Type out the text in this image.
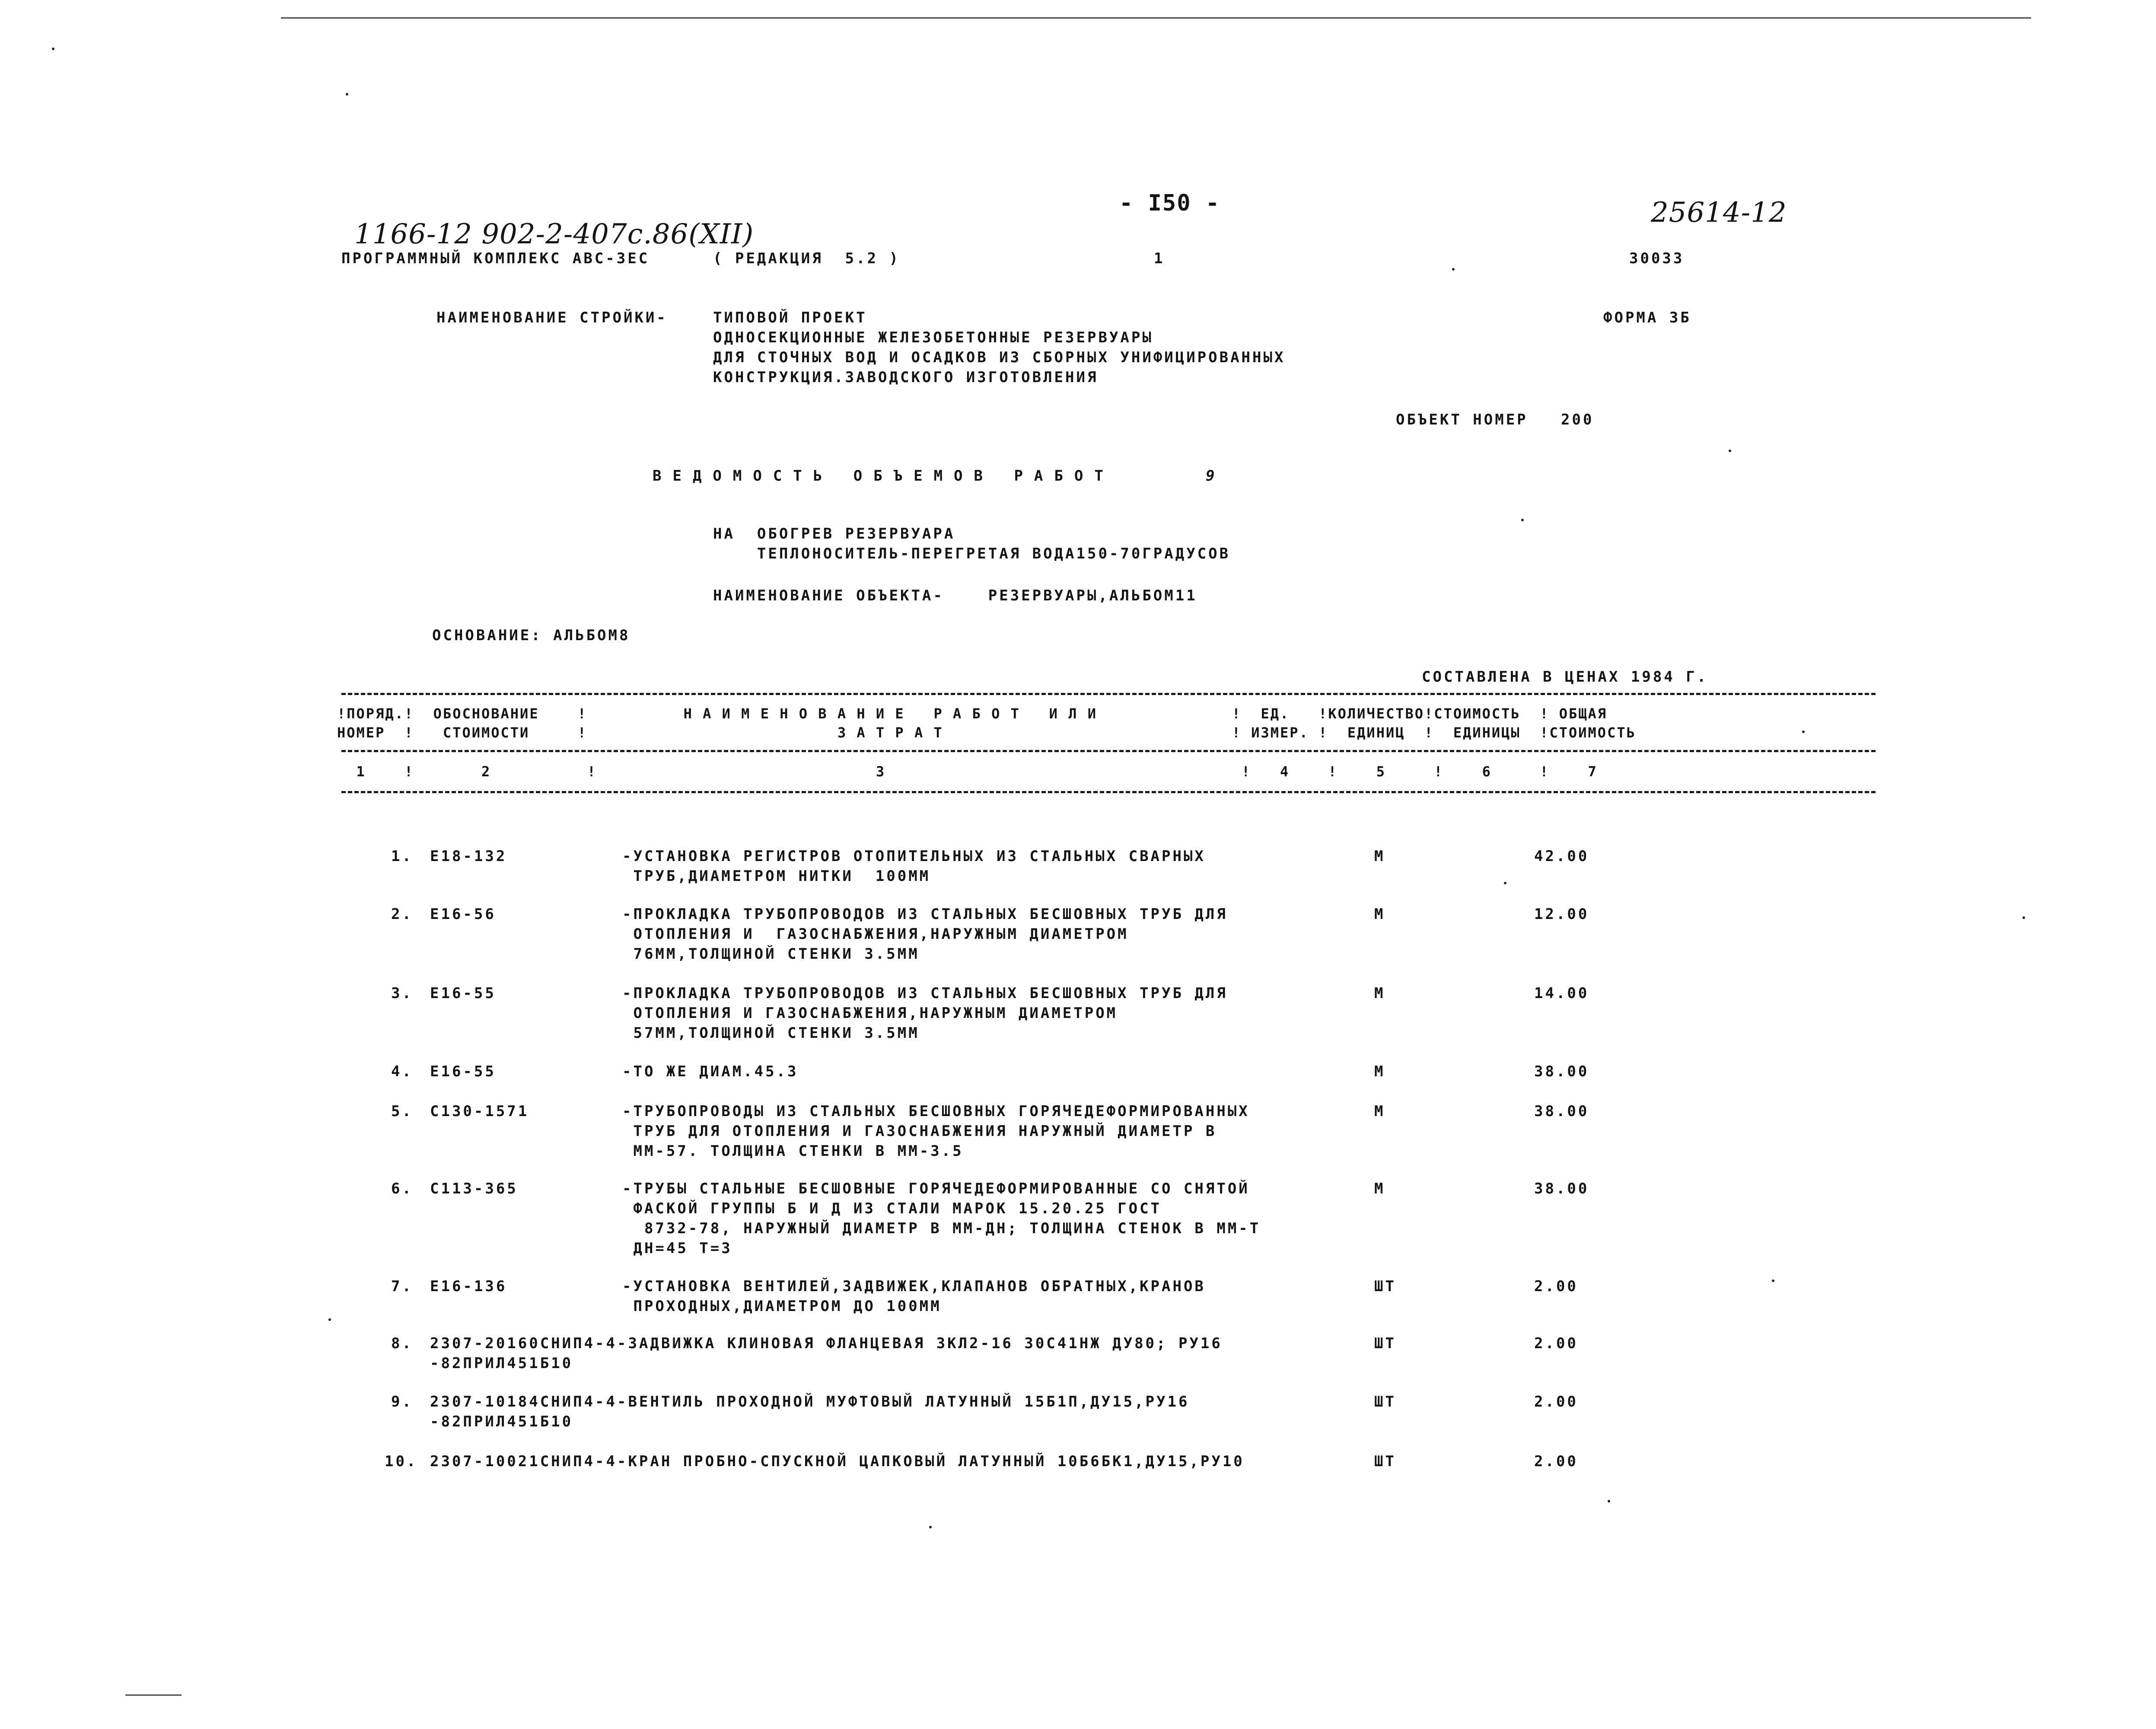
- I50 -
1166-12 902-2-407с.86(XII)
25614-12
ПРОГРАММНЫЙ КОМПЛЕКС АВС-3ЕС	( РЕДАКЦИЯ  5.2 )	1	30033
НАИМЕНОВАНИЕ СТРОЙКИ-	ТИПОВОЙ ПРОЕКТ
ОДНОСЕКЦИОННЫЕ ЖЕЛЕЗОБЕТОННЫЕ РЕЗЕРВУАРЫ
ДЛЯ СТОЧНЫХ ВОД И ОСАДКОВ ИЗ СБОРНЫХ УНИФИЦИРОВАННЫХ
КОНСТРУКЦИЯ.ЗАВОДСКОГО ИЗГОТОВЛЕНИЯ
ФОРМА 3Б
ОБЪЕКТ НОМЕР   200
ВЕДОМОСТЬ ОБЪЕМОВ РАБОТ	9
НА  ОБОГРЕВ РЕЗЕРВУАРА
ТЕПЛОНОСИТЕЛЬ-ПЕРЕГРЕТАЯ ВОДА150-70ГРАДУСОВ
НАИМЕНОВАНИЕ ОБЪЕКТА-    РЕЗЕРВУАРЫ,АЛЬБОМ11
ОСНОВАНИЕ: АЛЬБОМ8
СОСТАВЛЕНА В ЦЕНАХ 1984 Г.
!ПОРЯД.!  ОБОСНОВАНИЕ    !          Н А И М Е Н О В А Н И Е   Р А Б О Т   И Л И              !  ЕД.   !КОЛИЧЕСТВО!СТОИМОСТЬ  ! ОБЩАЯ
НОМЕР  !   СТОИМОСТИ     !                          З А Т Р А Т                              ! ИЗМЕР. !  ЕДИНИЦ  !  ЕДИНИЦЫ  !СТОИМОСТЬ
1    !       2          !                             3                                     !   4    !    5     !    6     !    7
1. Е18-132	-УСТАНОВКА РЕГИСТРОВ ОТОПИТЕЛЬНЫХ ИЗ СТАЛЬНЫХ СВАРНЫХ
ТРУБ,ДИАМЕТРОМ НИТКИ  100ММ
М	42.00
2. Е16-56	-ПРОКЛАДКА ТРУБОПРОВОДОВ ИЗ СТАЛЬНЫХ БЕСШОВНЫХ ТРУБ ДЛЯ
ОТОПЛЕНИЯ И  ГАЗОСНАБЖЕНИЯ,НАРУЖНЫМ ДИАМЕТРОМ
76ММ,ТОЛЩИНОЙ СТЕНКИ 3.5ММ
М	12.00
3. Е16-55	-ПРОКЛАДКА ТРУБОПРОВОДОВ ИЗ СТАЛЬНЫХ БЕСШОВНЫХ ТРУБ ДЛЯ
ОТОПЛЕНИЯ И ГАЗОСНАБЖЕНИЯ,НАРУЖНЫМ ДИАМЕТРОМ
57ММ,ТОЛЩИНОЙ СТЕНКИ 3.5ММ
М	14.00
4. Е16-55	-ТО ЖЕ ДИАМ.45.3	М	38.00
5. С130-1571	-ТРУБОПРОВОДЫ ИЗ СТАЛЬНЫХ БЕСШОВНЫХ ГОРЯЧЕДЕФОРМИРОВАННЫХ
ТРУБ ДЛЯ ОТОПЛЕНИЯ И ГАЗОСНАБЖЕНИЯ НАРУЖНЫЙ ДИАМЕТР В
ММ-57. ТОЛЩИНА СТЕНКИ В ММ-3.5
М	38.00
6. С113-365	-ТРУБЫ СТАЛЬНЫЕ БЕСШОВНЫЕ ГОРЯЧЕДЕФОРМИРОВАННЫЕ СО СНЯТОЙ
ФАСКОЙ ГРУППЫ Б И Д ИЗ СТАЛИ МАРОК 15.20.25 ГОСТ
8732-78, НАРУЖНЫЙ ДИАМЕТР В ММ-ДН; ТОЛЩИНА СТЕНОК В ММ-Т
ДН=45 Т=3
М	38.00
7. Е16-136	-УСТАНОВКА ВЕНТИЛЕЙ,ЗАДВИЖЕК,КЛАПАНОВ ОБРАТНЫХ,КРАНОВ
ПРОХОДНЫХ,ДИАМЕТРОМ ДО 100ММ
ШТ	2.00
8. 2307-20160СНИП4-4-ЗАДВИЖКА КЛИНОВАЯ ФЛАНЦЕВАЯ 3КЛ2-16 30С41НЖ ДУ80; РУ16
-82ПРИЛ451Б10
ШТ	2.00
9. 2307-10184СНИП4-4-ВЕНТИЛЬ ПРОХОДНОЙ МУФТОВЫЙ ЛАТУННЫЙ 15Б1П,ДУ15,РУ16
-82ПРИЛ451Б10
ШТ	2.00
10. 2307-10021СНИП4-4-КРАН ПРОБНО-СПУСКНОЙ ЦАПКОВЫЙ ЛАТУННЫЙ 10Б6БК1,ДУ15,РУ10	ШТ	2.00
